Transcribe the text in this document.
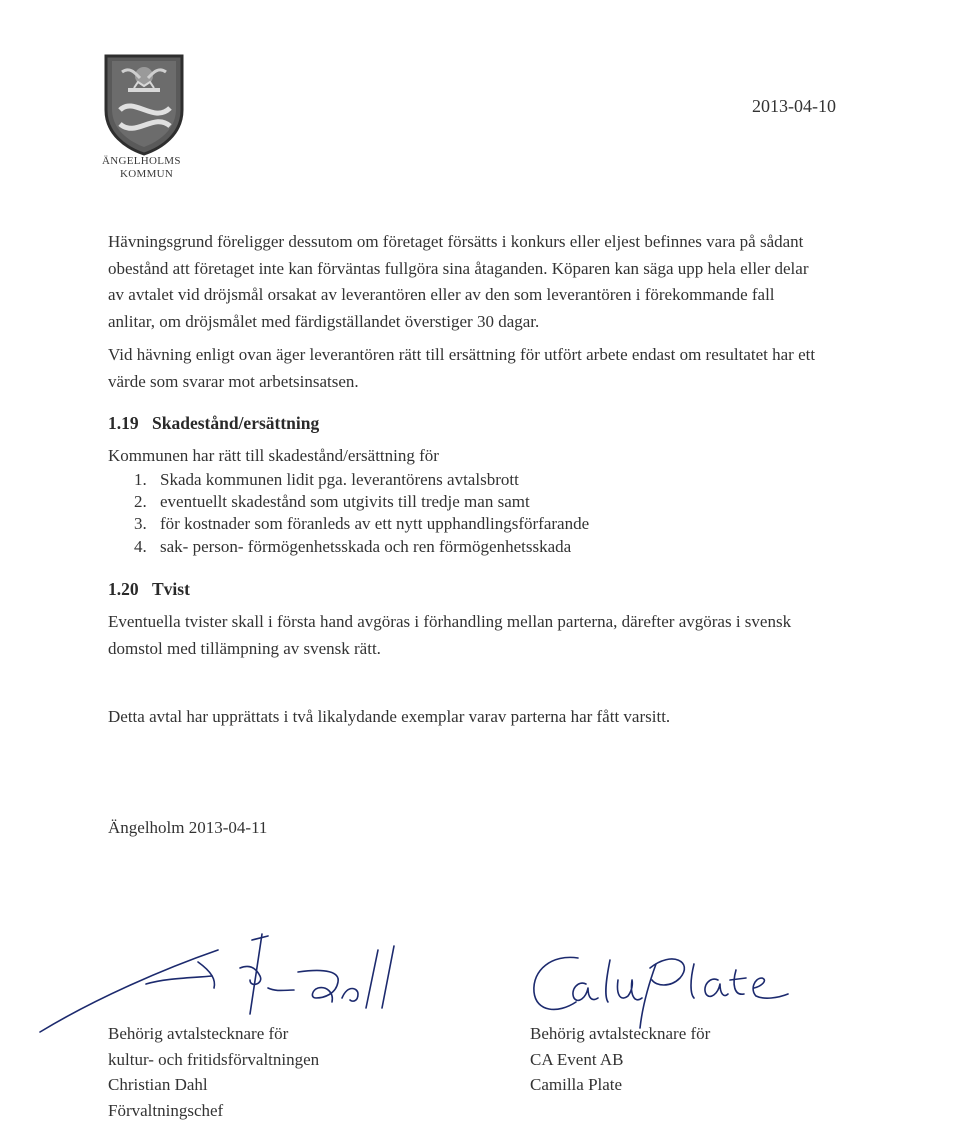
ÄNGELHOLMS
KOMMUN
2013-04-10
Hävningsgrund föreligger dessutom om företaget försätts i konkurs eller eljest befinnes vara på sådant obestånd att företaget inte kan förväntas fullgöra sina åtaganden. Köparen kan säga upp hela eller delar av avtalet vid dröjsmål orsakat av leverantören eller av den som leverantören i förekommande fall anlitar, om dröjsmålet med färdigställandet överstiger 30 dagar.
Vid hävning enligt ovan äger leverantören rätt till ersättning för utfört arbete endast om resultatet har ett värde som svarar mot arbetsinsatsen.
1.19 Skadestånd/ersättning
Kommunen har rätt till skadestånd/ersättning för
1. Skada kommunen lidit pga. leverantörens avtalsbrott
2. eventuellt skadestånd som utgivits till tredje man samt
3. för kostnader som föranleds av ett nytt upphandlingsförfarande
4. sak- person- förmögenhetsskada och ren förmögenhetsskada
1.20 Tvist
Eventuella tvister skall i första hand avgöras i förhandling mellan parterna, därefter avgöras i svensk domstol med tillämpning av svensk rätt.
Detta avtal har upprättats i två likalydande exemplar varav parterna har fått varsitt.
Ängelholm 2013-04-11
Behörig avtalstecknare för
kultur- och fritidsförvaltningen
Christian Dahl
Förvaltningschef
Behörig avtalstecknare för
CA Event AB
Camilla Plate
